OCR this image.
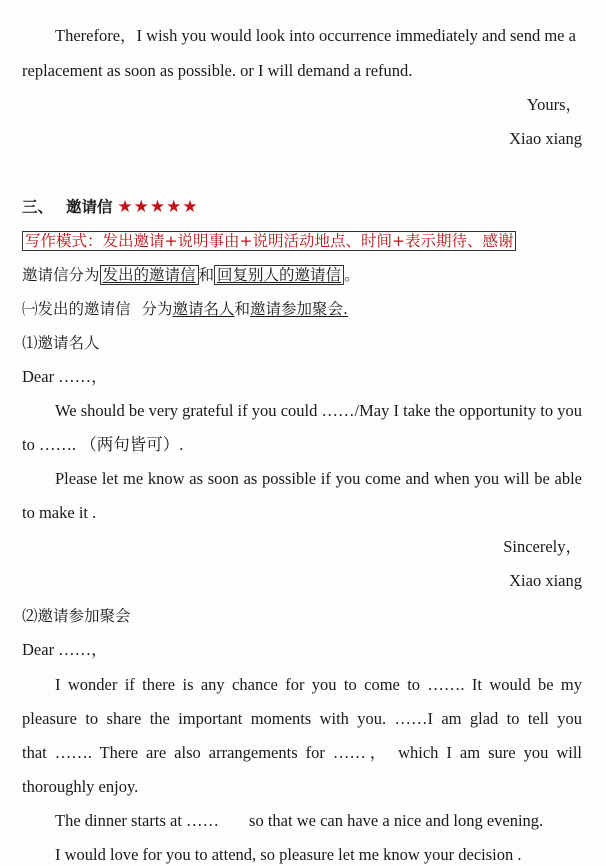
Therefore，I wish you would look into occurrence immediately and send me a
replacement as soon as possible. or I will demand a refund.
Yours，
Xiao xiang
三、 邀请信 ★★★★★
写作模式：发出邀请+说明事由+说明活动地点、时间+表示期待、感谢
邀请信分为 发出的邀请信 和 回复别人的邀请信 。
㈠发出的邀请信 分为邀请名人和邀请参加聚会.
⑴邀请名人
Dear ……，
We should be very grateful if you could ……/May I take the opportunity to you
to ……. （两句皆可）.
Please let me know as soon as possible if you come and when you will be able
to make it .
Sincerely，
Xiao xiang
⑵邀请参加聚会
Dear ……，
I wonder if there is any chance for you to come to ……. It would be my
pleasure to share the important moments with you. ……I am glad to tell you
that ……. There are also arrangements for ……， which I am sure you will
thoroughly enjoy.
The dinner starts at …… so that we can have a nice and long evening.
I would love for you to attend, so pleasure let me know your decision .
